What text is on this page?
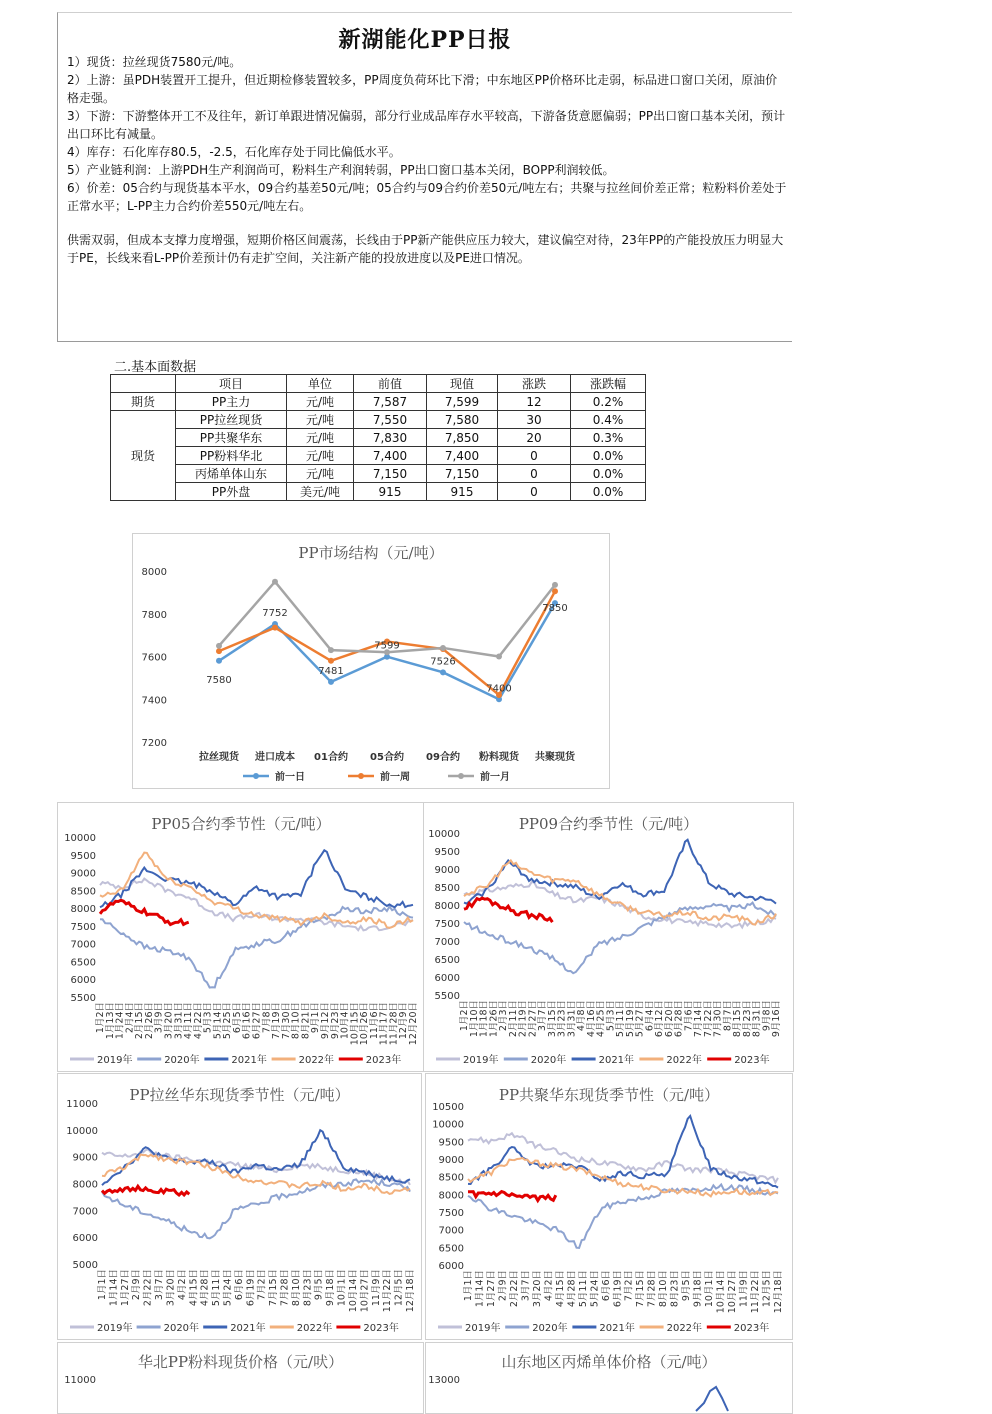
新湖能化PP日报

1）现货：拉丝现货7580元/吨。

2）上游：虽PDH装置开工提升，但近期检修装置较多，PP周度负荷环比下滑；中东地区PP价格环比走弱，标品进口窗口关闭，原油价格走强。

3）下游：下游整体开工不及往年，新订单跟进情况偏弱，部分行业成品库存水平较高，下游备货意愿偏弱；PP出口窗口基本关闭，预计出口环比有减量。

4）库存：石化库存80.5，-2.5，石化库存处于同比偏低水平。

5）产业链利润：上游PDH生产利润尚可，粉料生产利润转弱，PP出口窗口基本关闭，BOPP利润较低。

6）价差：05合约与现货基本平水，09合约基差50元/吨；05合约与09合约价差50元/吨左右；共聚与拉丝间价差正常；粒粉料价差处于正常水平；L-PP主力合约价差550元/吨左右。

供需双弱，但成本支撑力度增强，短期价格区间震荡，长线由于PP新产能供应压力较大，建议偏空对待，23年PP的产能投放压力明显大于PE，长线来看L-PP价差预计仍有走扩空间，关注新产能的投放进度以及PE进口情况。

二.基本面数据
	项目	单位	前值	现值	涨跌	涨跌幅
期货	PP主力	元/吨	7,587	7,599	12	0.2%
现货	PP拉丝现货	元/吨	7,550	7,580	30	0.4%
	PP共聚华东	元/吨	7,830	7,850	20	0.3%
	PP粉料华北	元/吨	7,400	7,400	0	0.0%
	丙烯单体山东	元/吨	7,150	7,150	0	0.0%
	PP外盘	美元/吨	915	915	0	0.0%
PP市场结构（元/吨）
7200
7400
7600
7800
8000
拉丝现货 进口成本 01合约 05合约 09合约 粉料现货 共聚现货
7580
7752
7481
7599
7526
7400
7850
前一日	前一周	前一月
PP05合约季节性（元/吨）
5500
6000
6500
7000
7500
8000
8500
9000
9500
10000
1月2日
1月13日
1月24日
2月4日
2月15日
2月26日
3月9日
3月20日
3月31日
4月11日
4月22日
5月3日
5月14日
5月25日
6月5日
6月16日
6月27日
7月8日
7月19日
7月30日
8月10日
8月21日
9月1日
9月12日
9月23日
10月4日
10月15日
10月26日
11月6日
11月17日
11月28日
12月9日
12月20日
2019年	2020年	2021年	2022年	2023年
PP09合约季节性（元/吨）
5500
6000
6500
7000
7500
8000
8500
9000
9500
10000
1月2日
1月10日
1月18日
1月26日
2月3日
2月11日
2月19日
2月27日
3月7日
3月15日
3月23日
3月31日
4月8日
4月16日
4月25日
5月3日
5月11日
5月19日
5月27日
6月4日
6月12日
6月20日
6月28日
7月6日
7月14日
7月22日
7月30日
8月7日
8月15日
8月23日
8月31日
9月8日
9月16日
2019年	2020年	2021年	2022年	2023年
PP拉丝华东现货季节性（元/吨）
5000
6000
7000
8000
9000
10000
11000
1月1日 1月14日 1月27日 2月9日 2月22日 3月7日 3月20日 4月2日 4月15日 4月28日 5月11日 5月24日 6月6日 6月19日 7月2日 7月15日 7月28日 8月10日 8月23日 9月5日 9月18日 10月1日 10月14日 10月27日 11月9日 11月22日 12月5日 12月18日
2019年	2020年	2021年	2022年	2023年
PP共聚华东现货季节性（元/吨）
6000
6500
7000
7500
8000
8500
9000
9500
10000
10500
1月1日 1月14日 1月27日 2月9日 2月22日 3月7日 3月20日 4月2日 4月15日 4月28日 5月11日 5月24日 6月6日 6月19日 7月2日 7月15日 7月28日 8月10日 8月23日 9月5日 9月18日 10月1日 10月14日 10月27日 11月9日 11月22日 12月5日 12月18日
2019年	2020年	2021年	2022年	2023年
华北PP粉料现货价格（元/吠）
11000
山东地区丙烯单体价格（元/吨）
13000
